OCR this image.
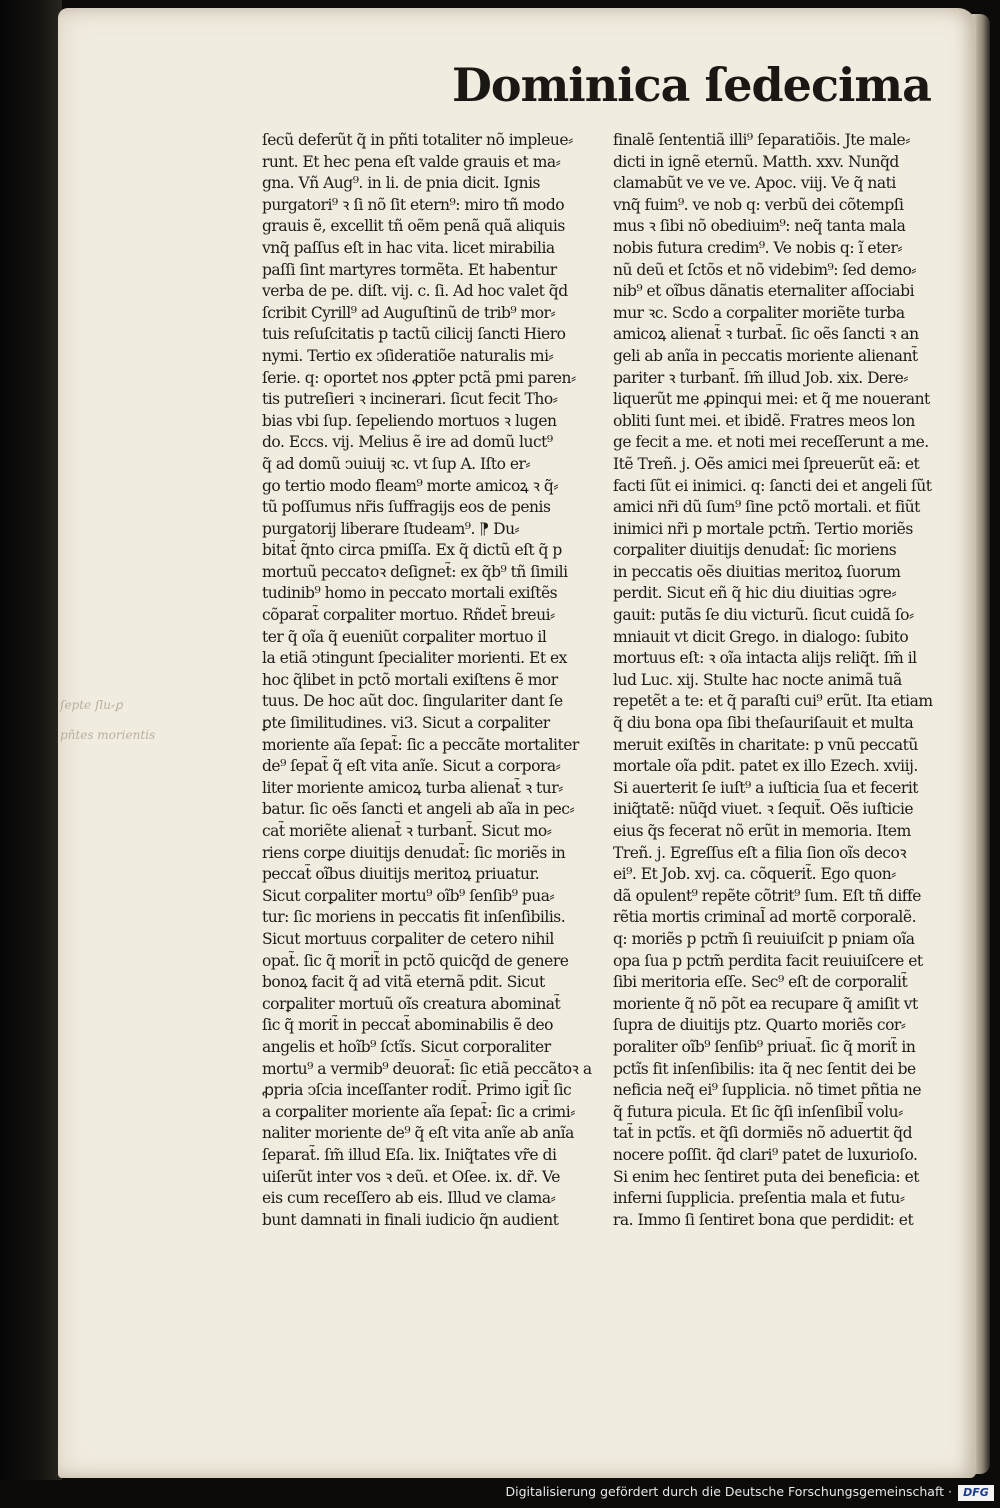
Dominica ſedecima
ſecũ deferũt q̃ in pñti totaliter nõ impleue⸗
runt. Et hec pena eſt valde grauis et ma⸗
gna. Vñ Aug⁹. in li. de pnia dicit. Ignis
purgatori⁹ ꝛ ſi nõ ſit etern⁹: miro tñ modo
grauis ẽ, excellit tñ oẽm penã quã aliquis
vnq̃ paſſus eſt in hac vita. licet mirabilia
paſſi ſint martyres tormẽta. Et habentur
verba de pe. diſt. vij. c. ſi. Ad hoc valet q̃d
ſcribit Cyrill⁹ ad Auguſtinũ de trib⁹ mor⸗
tuis reſuſcitatis p tactũ cilicij ſancti Hiero
nymi. Tertio ex ↄſideratiõe naturalis mi⸗
ſerie. q: oportet nos ꝓpter pctã pmi paren⸗
tis putreſieri ꝛ incinerari. ſicut fecit Tho⸗
bias vbi ſup. ſepeliendo mortuos ꝛ lugen
do. Eccs. vij. Melius ẽ ire ad domũ luct⁹
q̃ ad domũ ↄuiuij ꝛc. vt ſup A. Iſto er⸗
go tertio modo fleam⁹ morte amicoꝝ ꝛ q̃⸗
tũ poſſumus nr̃is ſuffragijs eos de penis
purgatorij liberare ſtudeam⁹. ⁋ Du⸗
bitat̃ q̃nto circa pmiſſa. Ex q̃ dictũ eſt q̃ p
mortuũ peccatoꝛ deſignet̃: ex q̃b⁹ tñ ſimili
tudinib⁹ homo in peccato mortali exiſtẽs
cõparat̃ corꝑaliter mortuo. Rñdet̃ breui⸗
ter q̃ oĩa q̃ eueniũt corꝑaliter mortuo il
la etiã ↄtingunt ſpecialiter morienti. Et ex
hoc q̃libet in pctõ mortali exiſtens ẽ mor
tuus. De hoc aũt doc. ſingulariter dant ſe
ꝑte ſimilitudines. vi3. Sicut a corꝑaliter
moriente aĩa ſepat̃: ſic a peccãte mortaliter
de⁹ ſepat̃ q̃ eſt vita anĩe. Sicut a corpora⸗
liter moriente amicoꝝ turba alienat̃ ꝛ tur⸗
batur. ſic oẽs ſancti et angeli ab aĩa in pec⸗
cat̃ moriẽte alienat̃ ꝛ turbant̃. Sicut mo⸗
riens corꝑe diuitijs denudat̃: ſic moriẽs in
peccat̃ oĩbus diuitijs meritoꝝ priuatur.
Sicut corꝑaliter mortu⁹ oĩb⁹ ſenſib⁹ pua⸗
tur: ſic moriens in peccatis fit inſenſibilis.
Sicut mortuus corꝑaliter de cetero nihil
opat̃. ſic q̃ morit̃ in pctõ quicq̃d de genere
bonoꝝ facit q̃ ad vitã eternã pdit. Sicut
corꝑaliter mortuũ oĩs creatura abominat̃
ſic q̃ morit̃ in peccat̃ abominabilis ẽ deo
angelis et hoĩb⁹ ſctĩs. Sicut corporaliter
mortu⁹ a vermib⁹ deuorat̃: ſic etiã peccãtoꝛ a
ꝓpria ↄſcia inceſſanter rodit̃. Primo igit̃ ſic
a corꝑaliter moriente aĩa ſepat̃: ſic a crimi⸗
naliter moriente de⁹ q̃ eſt vita anĩe ab anĩa
ſeparat̃. ſm̃ illud Eſa. lix. Iniq̃tates vr̃e di
uiſerũt inter vos ꝛ deũ. et Oſee. ix. dr̃. Ve
eis cum receſſero ab eis. Illud ve clama⸗
bunt damnati in finali iudicio q̃n audient
finalẽ ſententiã illi⁹ ſeparatiõis. Jte male⸗
dicti in ignẽ eternũ. Matth. xxv. Nunq̃d
clamabũt ve ve ve. Apoc. viij. Ve q̃ nati
vnq̃ fuim⁹. ve nob q: verbũ dei cõtempſi
mus ꝛ ſibi nõ obediuim⁹: neq̃ tanta mala
nobis futura credim⁹. Ve nobis q: ĩ eter⸗
nũ deũ et ſctõs et nõ videbim⁹: ſed demo⸗
nib⁹ et oĩbus dãnatis eternaliter aſſociabi
mur ꝛc. Scdo a corꝑaliter moriẽte turba
amicoꝝ alienat̃ ꝛ turbat̃. ſic oẽs ſancti ꝛ an
geli ab anĩa in peccatis moriente alienant̃
pariter ꝛ turbant̃. ſm̃ illud Job. xix. Dere⸗
liquerũt me ꝓpinqui mei: et q̃ me nouerant
obliti ſunt mei. et ibidẽ. Fratres meos lon
ge fecit a me. et noti mei receſſerunt a me.
Itẽ Treñ. j. Oẽs amici mei ſpreuerũt eã: et
facti ſũt ei inimici. q: ſancti dei et angeli ſũt
amici nr̃i dũ ſum⁹ ſine pctõ mortali. et fiũt
inimici nr̃i p mortale pctm̃. Tertio moriẽs
corꝑaliter diuitijs denudat̃: ſic moriens
in peccatis oẽs diuitias meritoꝝ ſuorum
perdit. Sicut eñ q̃ hic diu diuitias ↄgre⸗
gauit: putãs ſe diu victurũ. ſicut cuidã ſo⸗
mniauit vt dicit Grego. in dialogo: ſubito
mortuus eſt: ꝛ oĩa intacta alijs reliq̃t. ſm̃ il
lud Luc. xij. Stulte hac nocte animã tuã
repetẽt a te: et q̃ paraſti cui⁹ erũt. Ita etiam
q̃ diu bona opa ſibi theſauriſauit et multa
meruit exiſtẽs in charitate: p vnũ peccatũ
mortale oĩa pdit. patet ex illo Ezech. xviij.
Si auerterit ſe iuſt⁹ a iuſticia ſua et fecerit
iniq̃tatẽ: nũq̃d viuet. ꝛ ſequit̃. Oẽs iuſticie
eius q̃s fecerat nõ erũt in memoria. Item
Treñ. j. Egreſſus eſt a filia ſion oĩs decoꝛ
ei⁹. Et Job. xvj. ca. cõquerit̃. Ego quon⸗
dã opulent⁹ repẽte cõtrit⁹ ſum. Eſt tñ diffe
rẽtia mortis criminal̃ ad mortẽ corporalẽ.
q: moriẽs p pctm̃ ſi reuiuiſcit p pniam oĩa
opa ſua p pctm̃ perdita facit reuiuiſcere et
ſibi meritoria eſſe. Sec⁹ eſt de corporalit̃
moriente q̃ nõ põt ea recupare q̃ amiſit vt
ſupra de diuitijs ptz. Quarto moriẽs cor⸗
poraliter oĩb⁹ ſenſib⁹ priuat̃. ſic q̃ morit̃ in
pctĩs fit inſenſibilis: ita q̃ nec ſentit dei be
neficia neq̃ ei⁹ ſupplicia. nõ timet pñtia ne
q̃ futura picula. Et ſic q̃ſi inſenſibil̃ volu⸗
tat̃ in pctĩs. et q̃ſi dormiẽs nõ aduertit q̃d
nocere poſſit. q̃d clari⁹ patet de luxurioſo.
Si enim hec ſentiret puta dei beneficia: et
inferni ſupplicia. preſentia mala et futu⸗
ra. Immo ſi ſentiret bona que perdidit: et
ſepte ſlu⸗ꝑ
pñtes morientis
Digitalisierung gefördert durch die Deutsche Forschungsgemeinschaft ·	DFG
